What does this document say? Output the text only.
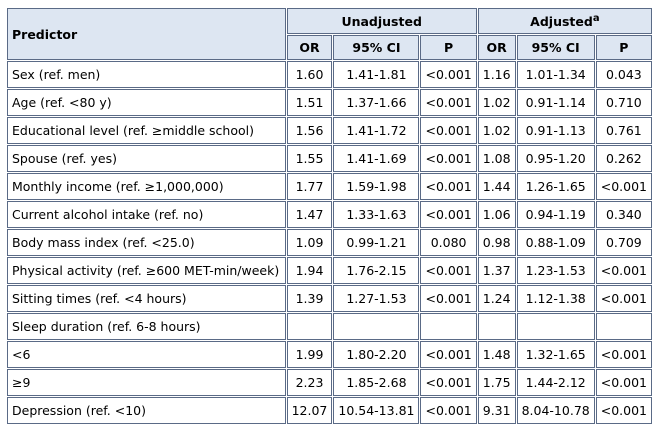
Predictor	Unadjusted			Adjusted$^a$
	OR	95% CI	P	OR	95% CI	P
Sex (ref. men)	1.60	1.41-1.81	<0.001	1.16	1.01-1.34	0.043
Age (ref. <80 y)	1.51	1.37-1.66	<0.001	1.02	0.91-1.14	0.710
Educational level (ref. ≥middle school)	1.56	1.41-1.72	<0.001	1.02	0.91-1.13	0.761
Spouse (ref. yes)	1.55	1.41-1.69	<0.001	1.08	0.95-1.20	0.262
Monthly income (ref. ≥1,000,000)	1.77	1.59-1.98	<0.001	1.44	1.26-1.65	<0.001
Current alcohol intake (ref. no)	1.47	1.33-1.63	<0.001	1.06	0.94-1.19	0.340
Body mass index (ref. <25.0)	1.09	0.99-1.21	0.080	0.98	0.88-1.09	0.709
Physical activity (ref. ≥600 MET-min/week)	1.94	1.76-2.15	<0.001	1.37	1.23-1.53	<0.001
Sitting times (ref. <4 hours)	1.39	1.27-1.53	<0.001	1.24	1.12-1.38	<0.001
Sleep duration (ref. 6-8 hours)						
<6	1.99	1.80-2.20	<0.001	1.48	1.32-1.65	<0.001
≥9	2.23	1.85-2.68	<0.001	1.75	1.44-2.12	<0.001
Depression (ref. <10)	12.07	10.54-13.81	<0.001	9.31	8.04-10.78	<0.001
